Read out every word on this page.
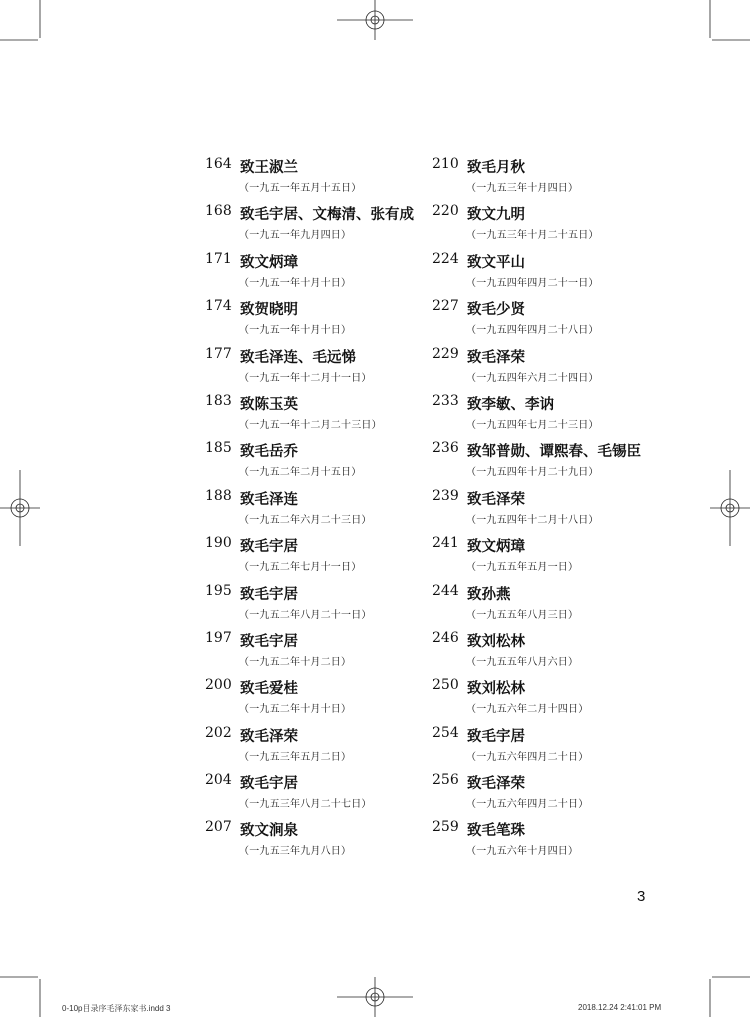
164 致王淑兰
（一九五一年五月十五日）
168 致毛宇居、文梅清、张有成
（一九五一年九月四日）
171 致文炳璋
（一九五一年十月十日）
174 致贺晓明
（一九五一年十月十日）
177 致毛泽连、毛远悌
（一九五一年十二月十一日）
183 致陈玉英
（一九五一年十二月二十三日）
185 致毛岳乔
（一九五二年二月十五日）
188 致毛泽连
（一九五二年六月二十三日）
190 致毛宇居
（一九五二年七月十一日）
195 致毛宇居
（一九五二年八月二十一日）
197 致毛宇居
（一九五二年十月二日）
200 致毛爱桂
（一九五二年十月十日）
202 致毛泽荣
（一九五三年五月二日）
204 致毛宇居
（一九五三年八月二十七日）
207 致文涧泉
（一九五三年九月八日）
210 致毛月秋
（一九五三年十月四日）
220 致文九明
（一九五三年十月二十五日）
224 致文平山
（一九五四年四月二十一日）
227 致毛少贤
（一九五四年四月二十八日）
229 致毛泽荣
（一九五四年六月二十四日）
233 致李敏、李讷
（一九五四年七月二十三日）
236 致邹普勋、谭熙春、毛锡臣
（一九五四年十月二十九日）
239 致毛泽荣
（一九五四年十二月十八日）
241 致文炳璋
（一九五五年五月一日）
244 致孙燕
（一九五五年八月三日）
246 致刘松林
（一九五五年八月六日）
250 致刘松林
（一九五六年二月十四日）
254 致毛宇居
（一九五六年四月二十日）
256 致毛泽荣
（一九五六年四月二十日）
259 致毛笔珠
（一九五六年十月四日）
3
0-10p目录序毛泽东家书.indd 3	2018.12.24 2:41:01 PM
